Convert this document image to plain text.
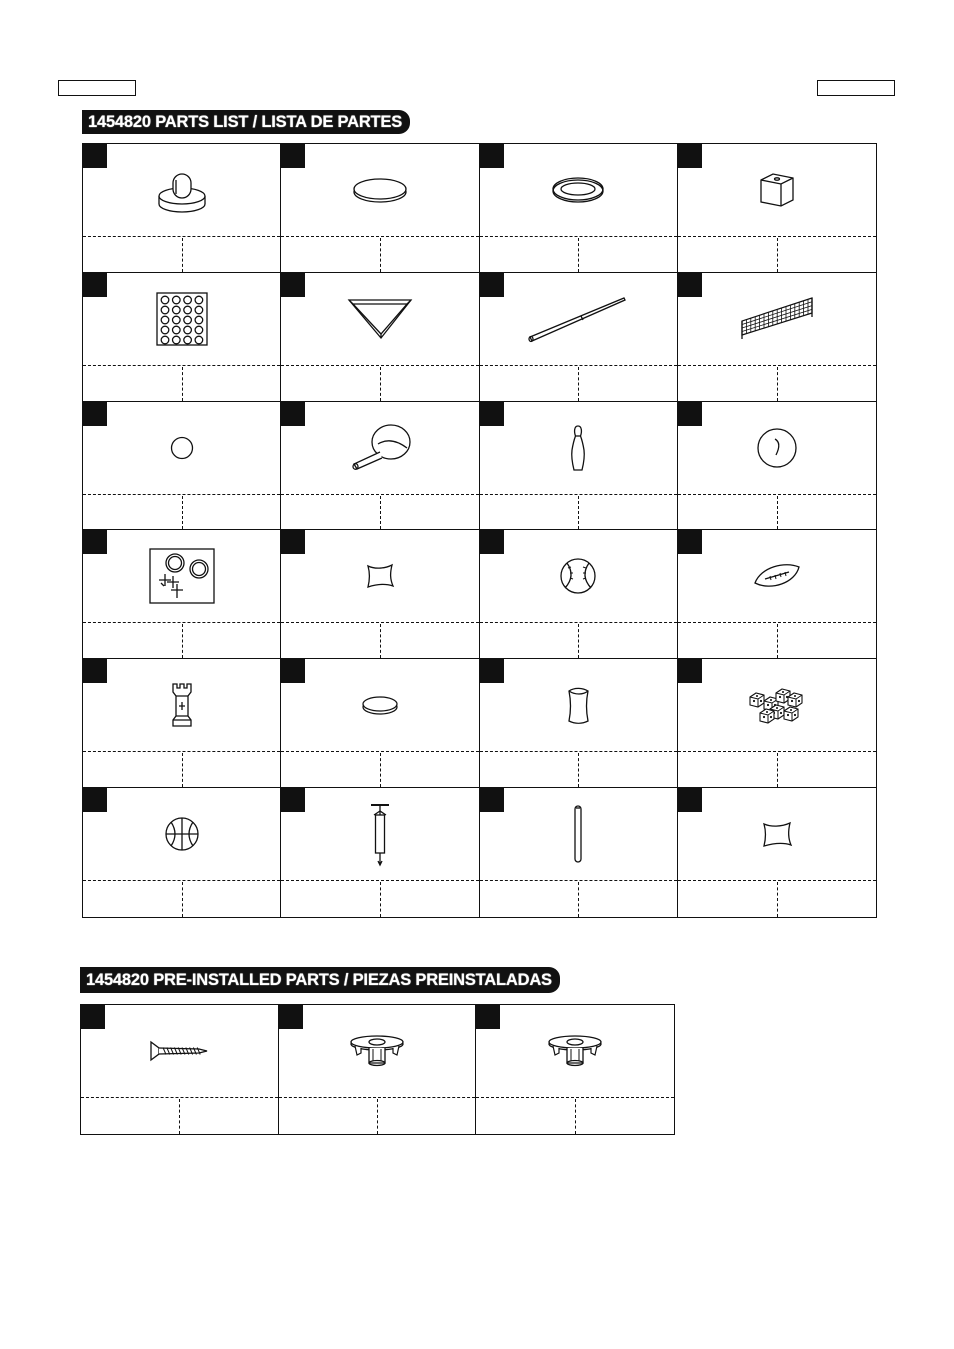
1454820 PARTS LIST / LISTA DE PARTES
1454820 PRE-INSTALLED PARTS / PIEZAS PREINSTALADAS
